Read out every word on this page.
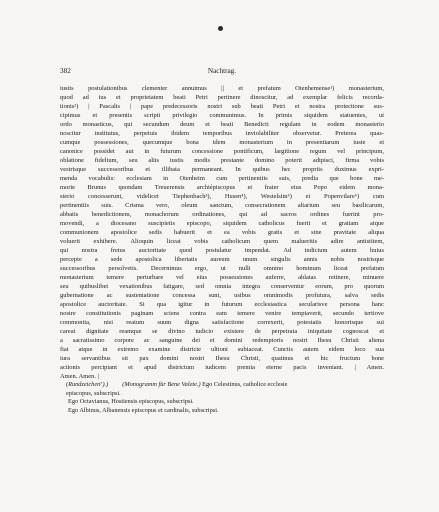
382	Nachtrag.
iustis postulationibus clementer annuimus || et prefatum Otenhemense¹) monasterium,
quod ad ius et proprietatem beati Petri pertinere dinoscitur, ad exemplar felicis recorda-
tionis²) | Pascalis | pape predecessoris nostri sub beati Petri et nostra protectione sus-
cipimus et presentis scripti privilegio communimus. In primis siquidem statuentes, ut
ordo monasticus, qui secundum deum et beati Benedicti regulam in eodem monasterio
noscitur institutus, perpetuis ibidem temporibus inviolabiliter observetur. Preterea quas-
cumque possessiones, quecumque bona idem monasterium in presentiarum iuste et
canonice possidet aut in futurum concessione pontificum, largitione regum vel principum,
oblatione fidelium, seu aliis iustis modis prestante domino poterit adipisci, firma vobis
vestrisque successoribus et illibata permaneant. In quibus hec propriis duximus expri-
menda vocabulis: ecclesiam in Otenheim cum pertinentiis suis, predia que bone me-
morie Brunus quondam Treuerensis archiépiscopus et frater eius Popo eidem mona-
sterio concesserunt, videlicet Tiephenbach³), Husen⁴), Westelsim⁵) et Popenvilare⁶) cum
pertinentiis suis. Crisma vero, oleum sanctum, consecrationem altarium seu basilicarum,
abbatis benedictionem, monachorum ordinationes, qui ad sacros ordines fuerint pro-
movendi, a diocesano suscipietis episcopo, siquidem catholicus fuerit et gratiam atque
communionem apostolice sedis habuerit et ea vobis gratis et sine pravitate aliqua
voluerit exhibere. Alioquin liceat vobis catholicum quem malueritis adire antistitem,
qui nostra fretus auctoritate quod postulatur impendat. Ad indicium autem huius
percepte a sede apostolica libertatis aureum unum singulis annis nobis nostrisque
successoribus persolvetis. Decernimus ergo, ut nulli omnino hominum liceat prefatum
monasterium temere perturbare vel eius possessiones auferre, ablatas retinere, minuere
seu quibuslibet vexationibus fatigare, sed omnia integra conserventur eorum, pro quorum
gubernatione ac sustentatione concessa sunt, usibus omnimodis profutura, salva sedis
apostolice auctoritate. Si qua igitur in futurum ecclesiastica secularisve persona hanc
nostre constitutionis paginam sciens contra eam temere venire temptaverit, secundo tertiove
commonita, nisi reatum suum digna satisfactione correxerit, potestatis honorisque sui
careat dignitate reamque se divino iudicio existere de perpetrata iniquitate cognoscat et
a sacratissimo corpore ac sanguine dei et domini redemptoris nostri Ihesu Christi aliena
fiat atque in extremo examine districte ultioni subiaceat. Cunctis autem eidem loco sua
iura servantibus sit pax domini nostri Ihesu Christi, quatinus et hic fructum bone
actionis percipiant et apud districtum iudicem premia eterne pacis inveniant. | Amen.
Amen. Amen. |
(Rundzeichen⁷).) (Monogramm für Bene Valete.) Ego Celestinus, catholice ecclesie
episcopus, subscripsi.
Ego Octavianus, Hostiensis episcopus, subscripsi.
Ego Albinus, Albanensis episcopus et cardinalis, subscripsi.
